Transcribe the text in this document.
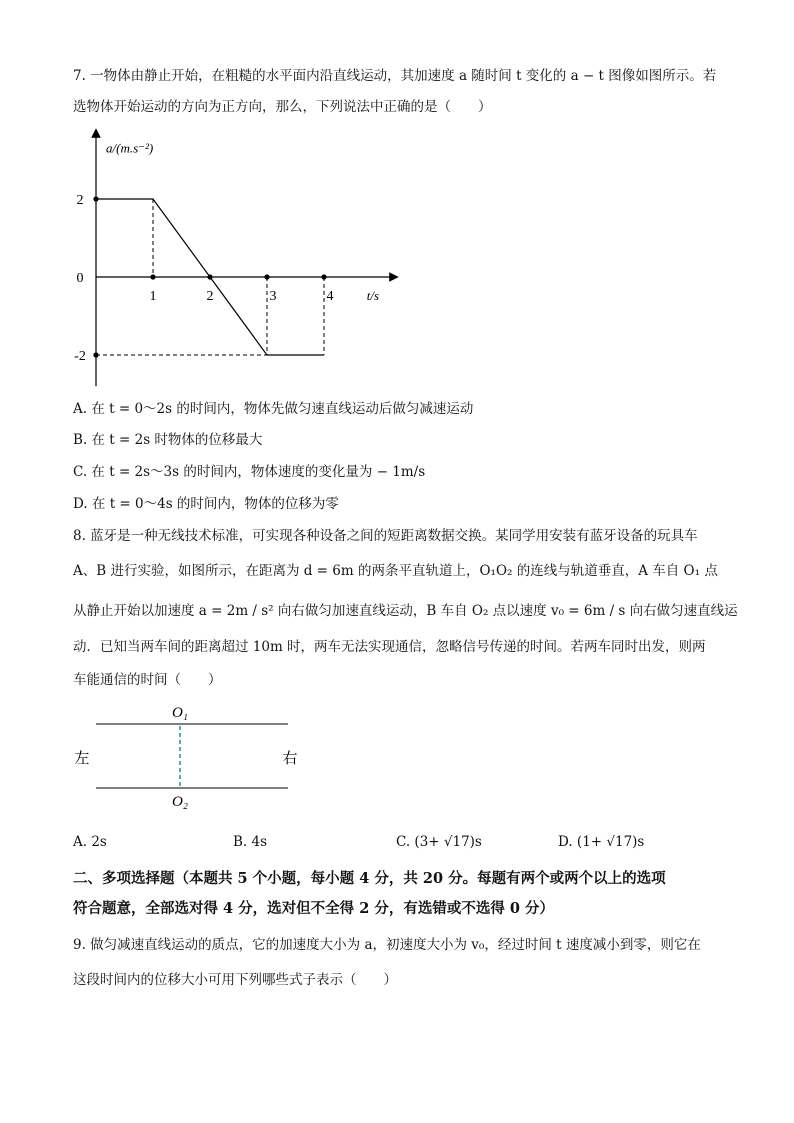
7. 一物体由静止开始，在粗糙的水平面内沿直线运动，其加速度 a 随时间 t 变化的 a − t 图像如图所示。若
选物体开始运动的方向为正方向，那么，下列说法中正确的是（　　）
a/(m.s⁻²)
t/s
2
0
-2
1	2	3	4
A. 在 t = 0～2s 的时间内，物体先做匀速直线运动后做匀减速运动
B. 在 t = 2s 时物体的位移最大
C. 在 t = 2s～3s 的时间内，物体速度的变化量为 − 1m/s
D. 在 t = 0～4s 的时间内，物体的位移为零
8. 蓝牙是一种无线技术标准，可实现各种设备之间的短距离数据交换。某同学用安装有蓝牙设备的玩具车
A、B 进行实验，如图所示，在距离为 d = 6m 的两条平直轨道上，O₁O₂ 的连线与轨道垂直，A 车自 O₁ 点
从静止开始以加速度 a = 2m / s² 向右做匀加速直线运动，B 车自 O₂ 点以速度 v₀ = 6m / s 向右做匀速直线运
动．已知当两车间的距离超过 10m 时，两车无法实现通信，忽略信号传递的时间。若两车同时出发，则两
车能通信的时间（　　）
O₁
O₂
左	右
A. 2s	B. 4s	C. (3+ √17)s	D. (1+ √17)s
二、多项选择题（本题共 5 个小题，每小题 4 分，共 20 分。每题有两个或两个以上的选项
符合题意，全部选对得 4 分，选对但不全得 2 分，有选错或不选得 0 分）
9. 做匀减速直线运动的质点，它的加速度大小为 a，初速度大小为 v₀，经过时间 t 速度减小到零，则它在
这段时间内的位移大小可用下列哪些式子表示（　　）
